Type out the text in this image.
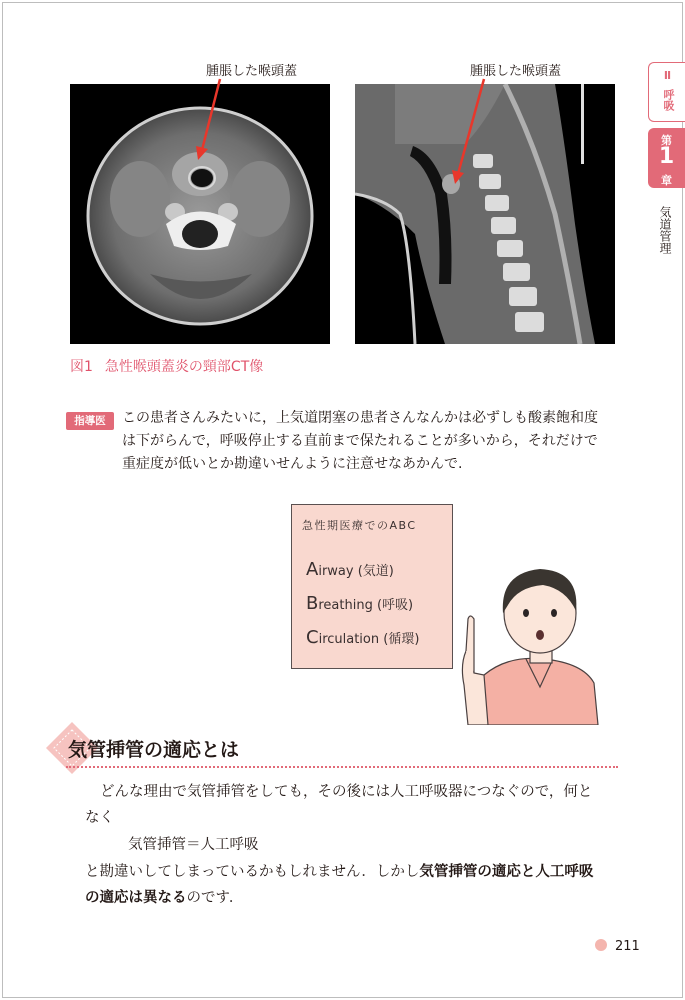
腫脹した喉頭蓋	腫脹した喉頭蓋
図1 急性喉頭蓋炎の頸部CT像
指導医	この患者さんみたいに，上気道閉塞の患者さんなんかは必ずしも酸素飽和度
は下がらんで，呼吸停止する直前まで保たれることが多いから，それだけで
重症度が低いとか勘違いせんように注意せなあかんで.
急性期医療でのABC
Airway (気道)
Breathing (呼吸)
Circulation (循環)
気管挿管の適応とは
どんな理由で気管挿管をしても，その後には人工呼吸器につなぐので，何と
なく
気管挿管＝人工呼吸
と勘違いしてしまっているかもしれません．しかし気管挿管の適応と人工呼吸
の適応は異なるのです．
Ⅱ
呼吸
第
1
章
気道管理
211
